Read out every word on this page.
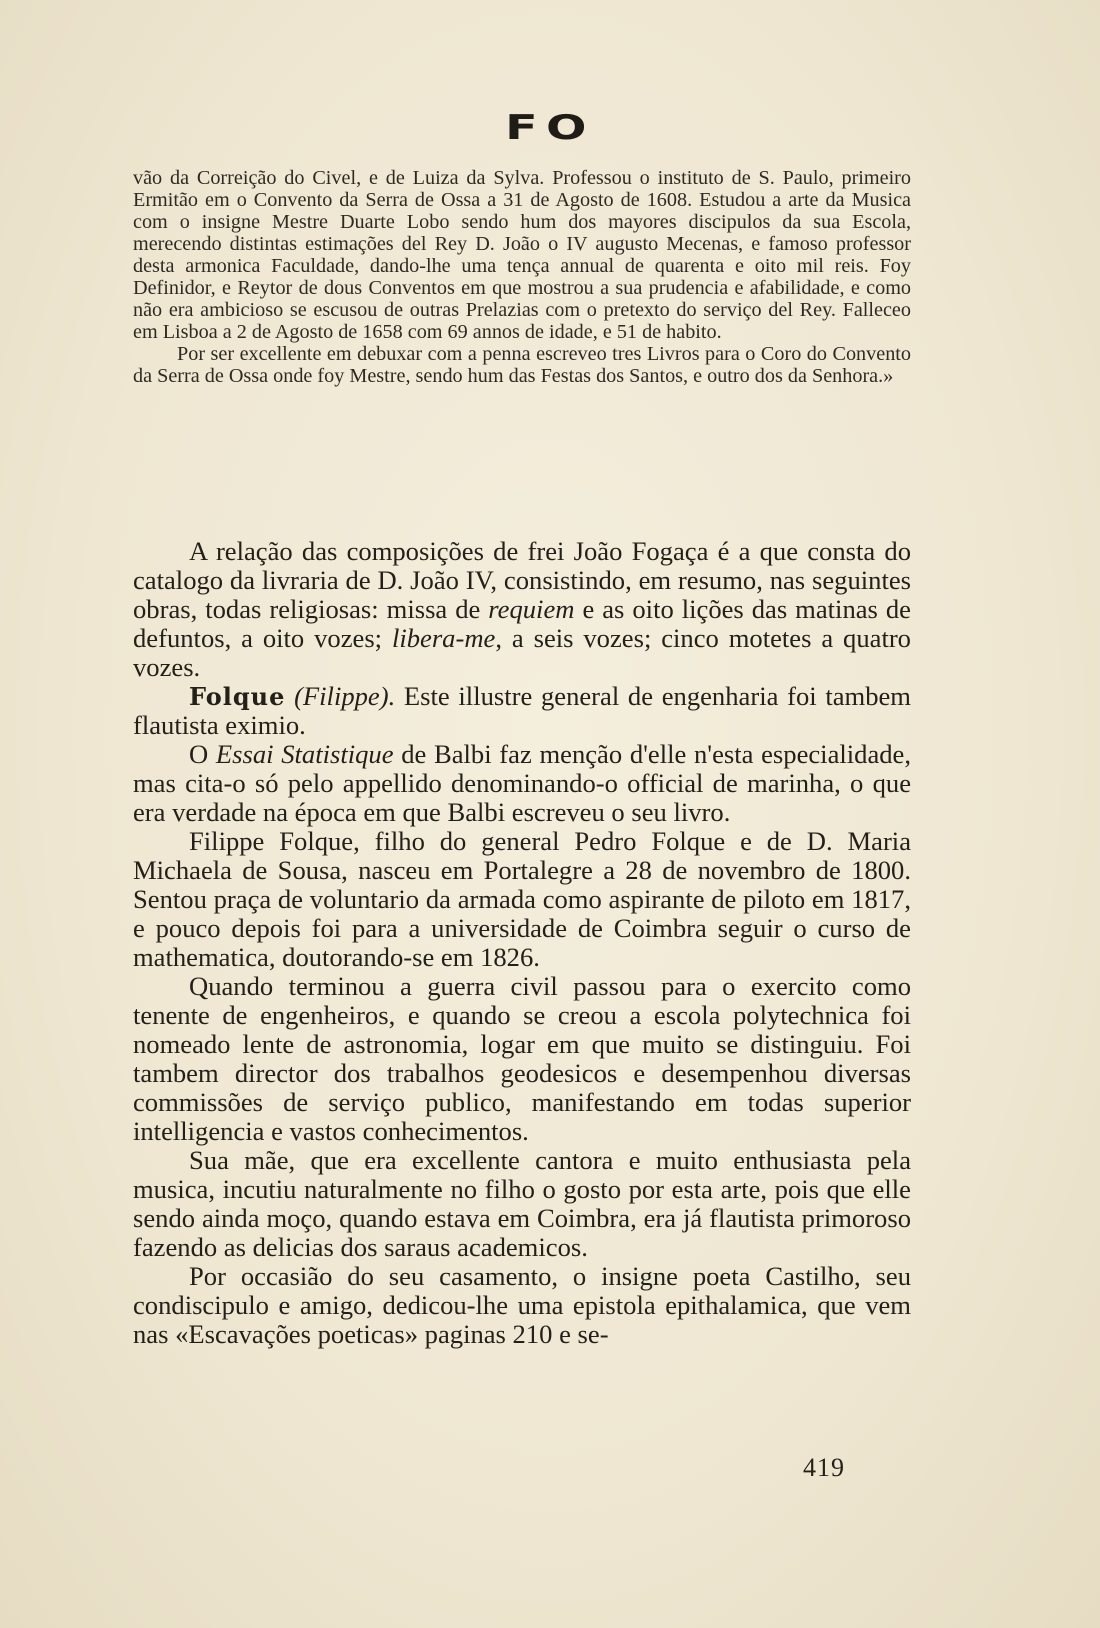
FO

vão da Correição do Civel, e de Luiza da Sylva. Professou o instituto de S. Paulo, primeiro Ermitão em o Convento da Serra de Ossa a 31 de Agosto de 1608. Estudou a arte da Musica com o insigne Mestre Duarte Lobo sendo hum dos mayores discipulos da sua Escola, merecendo distintas estimações del Rey D. João o IV augusto Mecenas, e famoso professor desta armonica Faculdade, dando-lhe uma tença annual de quarenta e oito mil reis. Foy Definidor, e Reytor de dous Conventos em que mostrou a sua prudencia e afabilidade, e como não era ambicioso se escusou de outras Prelazias com o pretexto do serviço del Rey. Falleceo em Lisboa a 2 de Agosto de 1658 com 69 annos de idade, e 51 de habito.

Por ser excellente em debuxar com a penna escreveo tres Livros para o Coro do Convento da Serra de Ossa onde foy Mestre, sendo hum das Festas dos Santos, e outro dos da Senhora.»

A relação das composições de frei João Fogaça é a que consta do catalogo da livraria de D. João IV, consistindo, em resumo, nas seguintes obras, todas religiosas: missa de requiem e as oito lições das matinas de defuntos, a oito vozes; libera-me, a seis vozes; cinco motetes a quatro vozes.

Folque (Filippe). Este illustre general de engenharia foi tambem flautista eximio.

O Essai Statistique de Balbi faz menção d'elle n'esta especialidade, mas cita-o só pelo appellido denominando-o official de marinha, o que era verdade na época em que Balbi escreveu o seu livro.

Filippe Folque, filho do general Pedro Folque e de D. Maria Michaela de Sousa, nasceu em Portalegre a 28 de novembro de 1800. Sentou praça de voluntario da armada como aspirante de piloto em 1817, e pouco depois foi para a universidade de Coimbra seguir o curso de mathematica, doutorando-se em 1826.

Quando terminou a guerra civil passou para o exercito como tenente de engenheiros, e quando se creou a escola polytechnica foi nomeado lente de astronomia, logar em que muito se distinguiu. Foi tambem director dos trabalhos geodesicos e desempenhou diversas commissões de serviço publico, manifestando em todas superior intelligencia e vastos conhecimentos.

Sua mãe, que era excellente cantora e muito enthusiasta pela musica, incutiu naturalmente no filho o gosto por esta arte, pois que elle sendo ainda moço, quando estava em Coimbra, era já flautista primoroso fazendo as delicias dos saraus academicos.

Por occasião do seu casamento, o insigne poeta Castilho, seu condiscipulo e amigo, dedicou-lhe uma epistola epithalamica, que vem nas «Escavações poeticas» paginas 210 e se-

419
